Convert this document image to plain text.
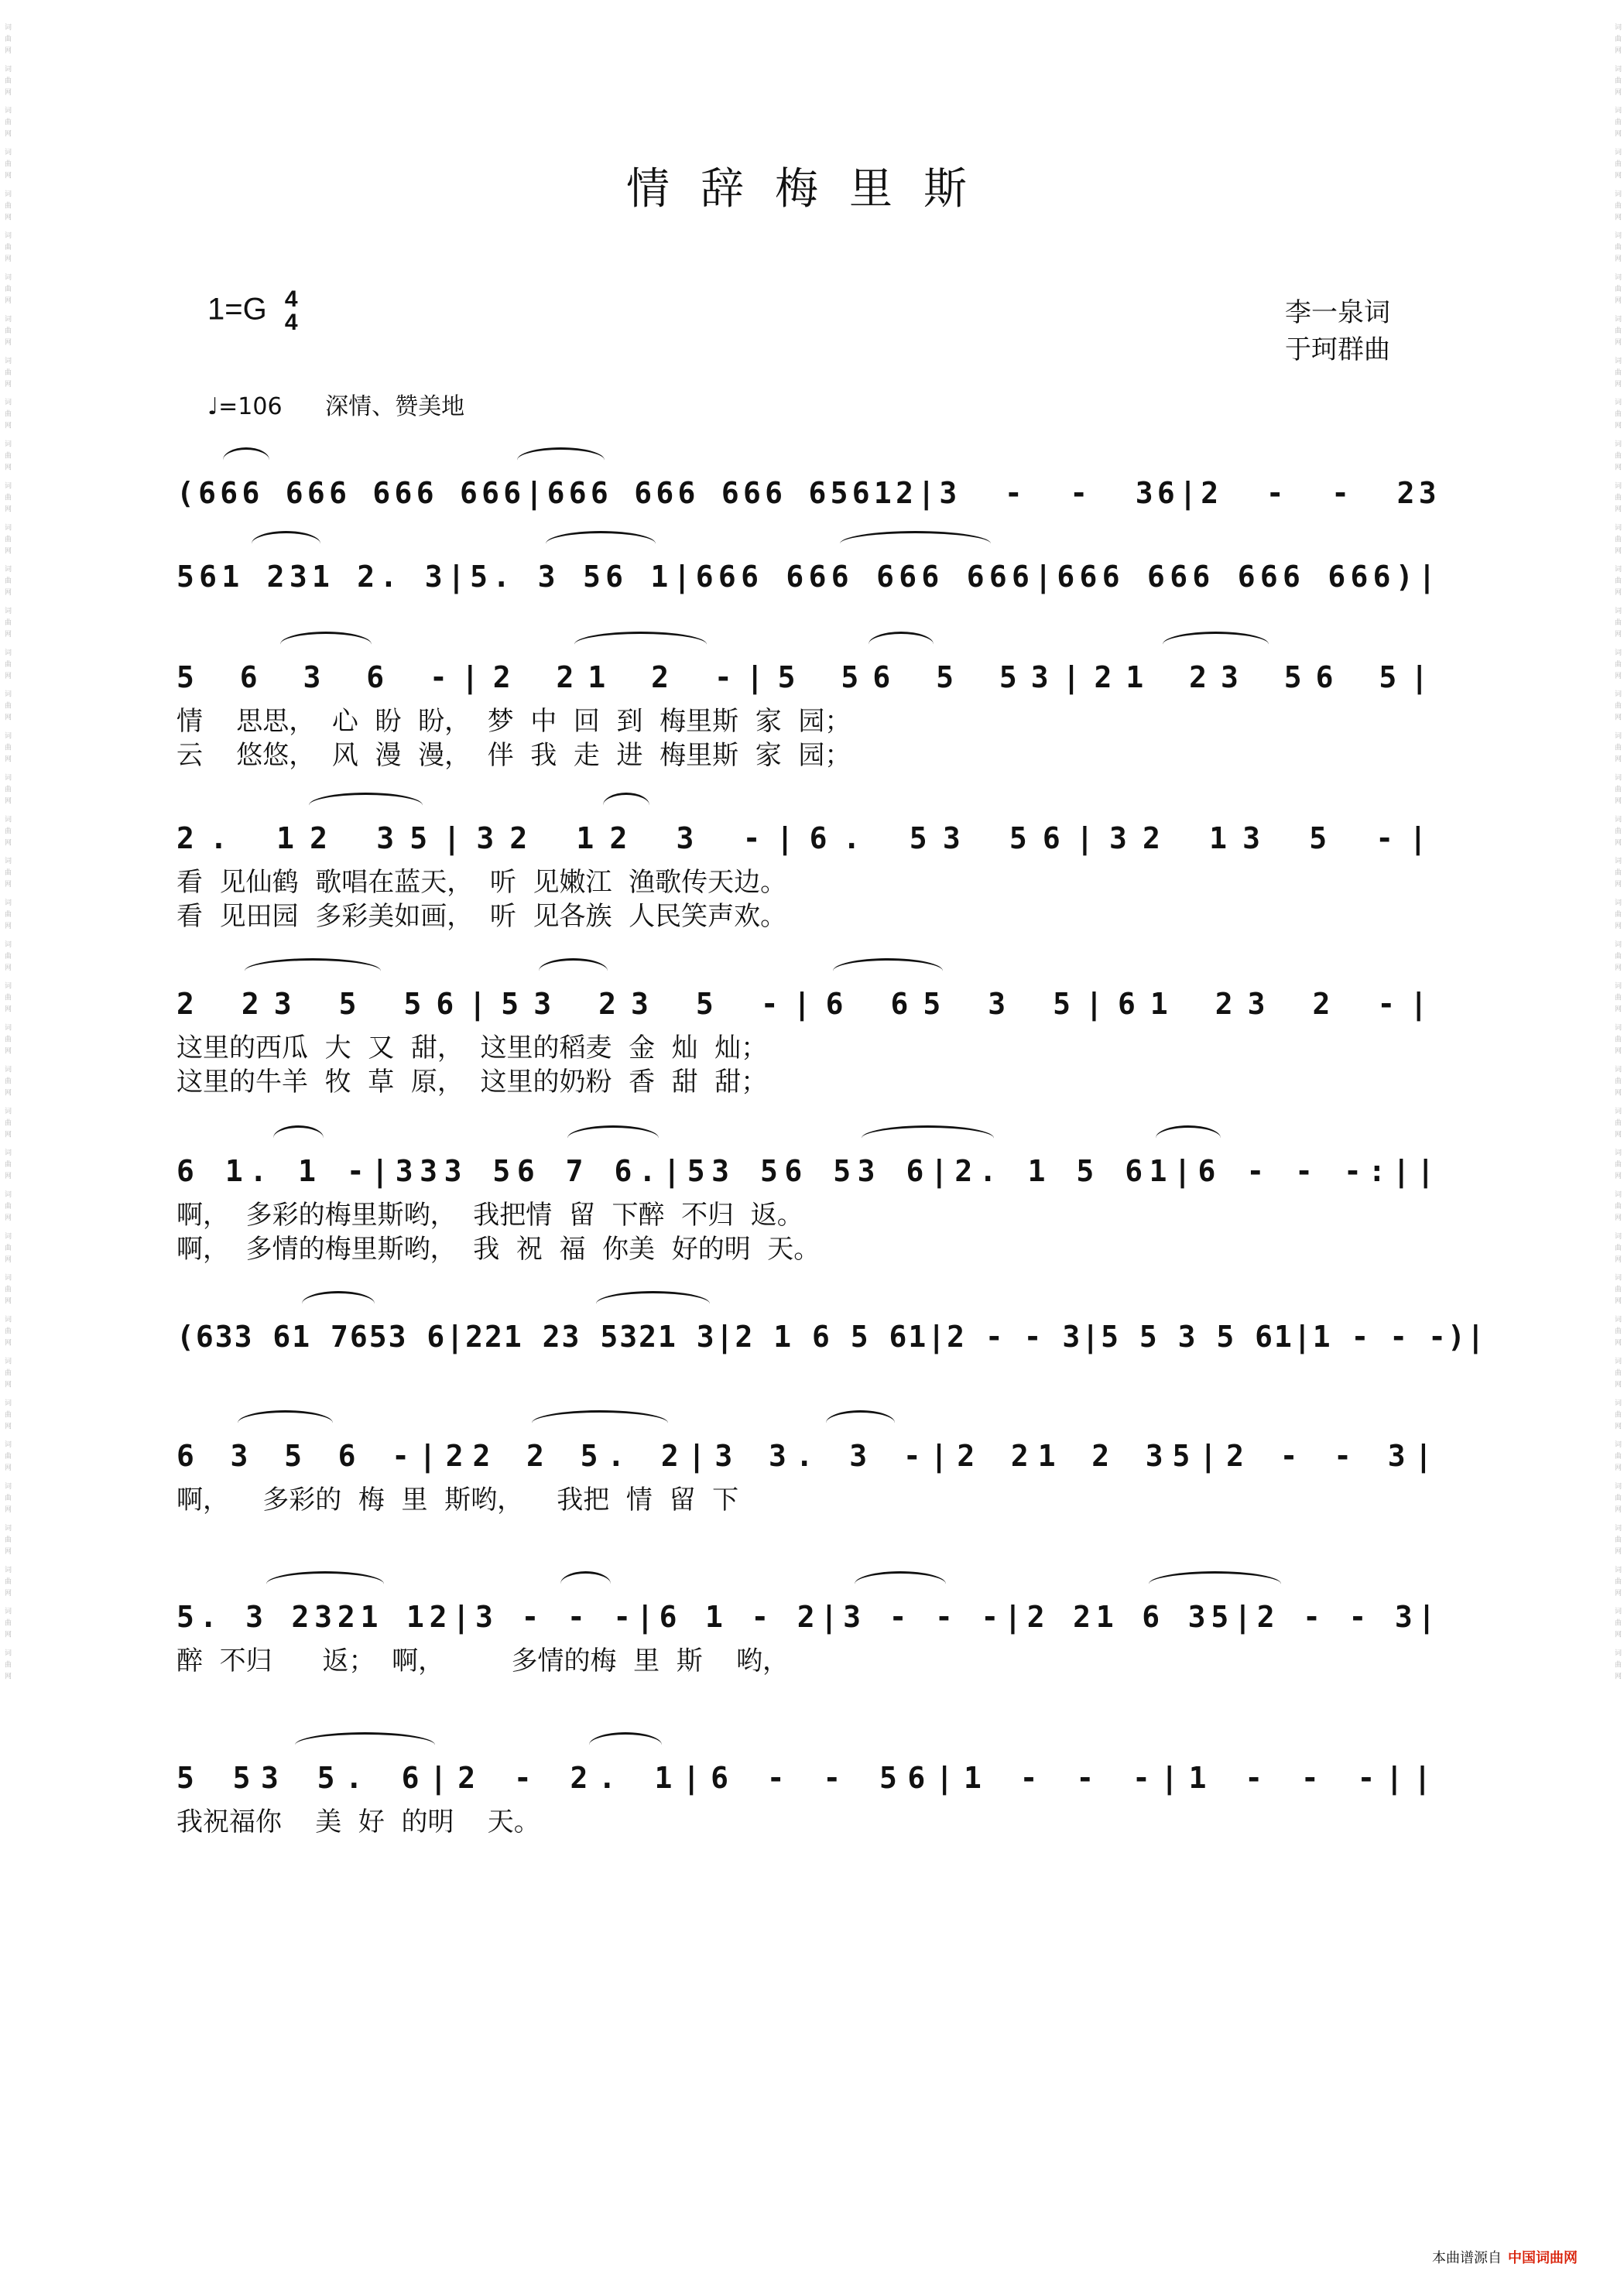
词曲网 词曲网 词曲网 词曲网 词曲网 词曲网 词曲网 词曲网 词曲网 词曲网 词曲网 词曲网 词曲网 词曲网 词曲网 词曲网 词曲网 词曲网 词曲网 词曲网 词曲网 词曲网 词曲网 词曲网 词曲网 词曲网 词曲网 词曲网 词曲网 词曲网 词曲网 词曲网 词曲网 词曲网 词曲网 词曲网 词曲网 词曲网 词曲网 词曲网	词曲网 词曲网 词曲网 词曲网 词曲网 词曲网 词曲网 词曲网 词曲网 词曲网 词曲网 词曲网 词曲网 词曲网 词曲网 词曲网 词曲网 词曲网 词曲网 词曲网 词曲网 词曲网 词曲网 词曲网 词曲网 词曲网 词曲网 词曲网 词曲网 词曲网 词曲网 词曲网 词曲网 词曲网 词曲网 词曲网 词曲网 词曲网 词曲网 词曲网
情辞梅里斯
1=G 4
4	李一泉词
于珂群曲
♩=106 深情、赞美地
(666 666 666 666|666 666 666 65612|3  -  -  36|2  -  -  23
561 231 2. 3|5. 3 56 1|666 666 666 666|666 666 666 666)|
5 6 3 6 -|2 21 2 -|5 56 5 53|21 23 56 5|
情    思思，  心  盼  盼，  梦  中  回  到  梅里斯  家  园；
云    悠悠，  风  漫  漫，  伴  我  走  进  梅里斯  家  园；
2. 12 35|32 12 3 -|6. 53 56|32 13 5 -|
看  见仙鹤  歌唱在蓝天，  听  见嫩江  渔歌传天边。
看  见田园  多彩美如画，  听  见各族  人民笑声欢。
2 23 5 56|53 23 5 -|6 65 3 5|61 23 2 -|
这里的西瓜  大  又  甜，  这里的稻麦  金  灿  灿；
这里的牛羊  牧  草  原，  这里的奶粉  香  甜  甜；
6 1. 1 -|333 56 7 6.|53 56 53 6|2. 1 5 61|6 - - -:||
啊，  多彩的梅里斯哟，  我把情  留  下醉  不归  返。
啊，  多情的梅里斯哟，  我  祝  福  你美  好的明  天。
(633 61 7653 6|221 23 5321 3|2 1 6 5 61|2 - - 3|5 5 3 5 61|1 - - -)|
6 3 5 6 -|22 2 5. 2|3 3. 3 -|2 21 2 35|2 - - 3|
啊，    多彩的  梅  里  斯哟，    我把  情  留  下
5. 3 2321 12|3 - - -|6 1 - 2|3 - - -|2 21 6 35|2 - - 3|
醉  不归      返；  啊，        多情的梅  里  斯    哟，
5 53 5. 6|2 - 2. 1|6 - - 56|1 - - -|1 - - -||
我祝福你    美  好  的明    天。
本曲谱源自 中国词曲网
